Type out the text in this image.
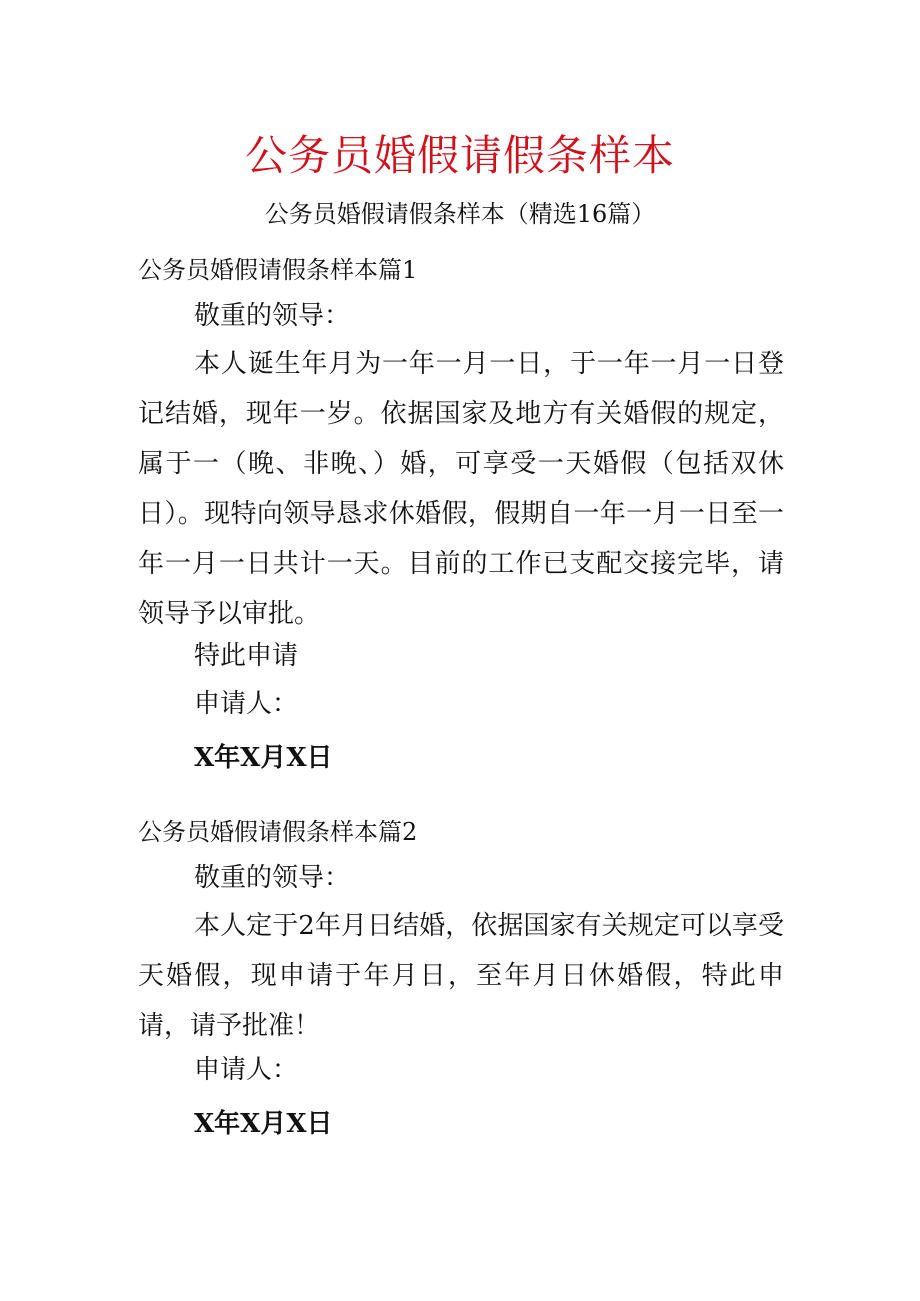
公务员婚假请假条样本
公务员婚假请假条样本（精选16篇）
公务员婚假请假条样本篇1
敬重的领导：

本人诞生年月为一年一月一日，于一年一月一日登记结婚，现年一岁。依据国家及地方有关婚假的规定，属于一（晚、非晚、）婚，可享受一天婚假（包括双休日）。现特向领导恳求休婚假，假期自一年一月一日至一年一月一日共计一天。目前的工作已支配交接完毕，请领导予以审批。

特此申请
申请人：
X年X月X日
公务员婚假请假条样本篇2
敬重的领导：

本人定于2年月日结婚，依据国家有关规定可以享受天婚假，现申请于年月日，至年月日休婚假，特此申请，请予批准！

申请人：
X年X月X日
